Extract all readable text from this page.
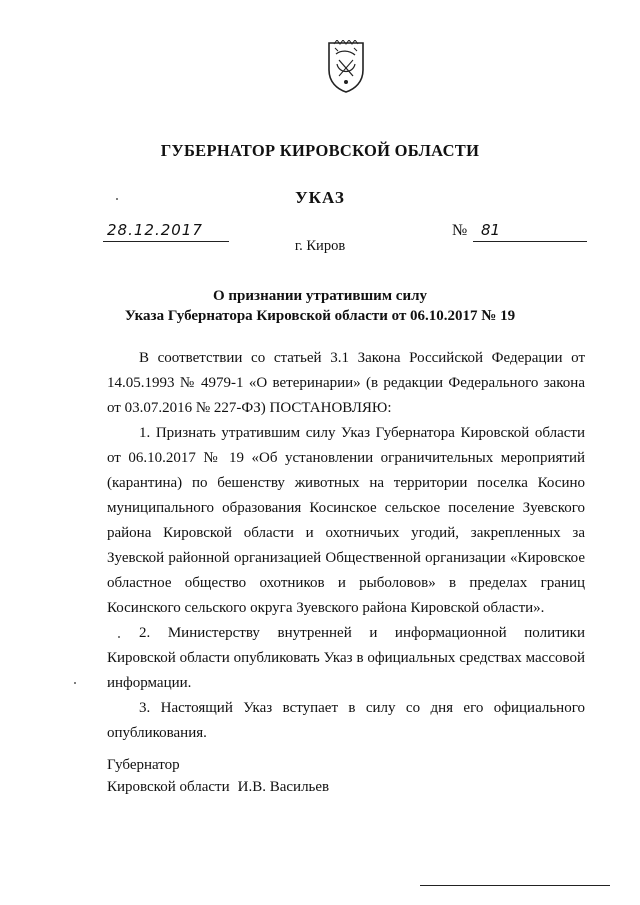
ГУБЕРНАТОР КИРОВСКОЙ ОБЛАСТИ
УКАЗ
28.12.2017	№ 81
г. Киров
О признании утратившим силу
Указа Губернатора Кировской области от 06.10.2017 № 19

В соответствии со статьей 3.1 Закона Российской Федерации от 14.05.1993 № 4979-1 «О ветеринарии» (в редакции Федерального закона от 03.07.2016 № 227-ФЗ) ПОСТАНОВЛЯЮ:

1. Признать утратившим силу Указ Губернатора Кировской области от 06.10.2017 № 19 «Об установлении ограничительных мероприятий (карантина) по бешенству животных на территории поселка Косино муниципального образования Косинское сельское поселение Зуевского района Кировской области и охотничьих угодий, закрепленных за Зуевской районной организацией Общественной организации «Кировское областное общество охотников и рыболовов» в пределах границ Косинского сельского округа Зуевского района Кировской области».

2. Министерству внутренней и информационной политики Кировской области опубликовать Указ в официальных средствах массовой информации.

3. Настоящий Указ вступает в силу со дня его официального опубликования.

Губернатор
Кировской области И.В. Васильев
